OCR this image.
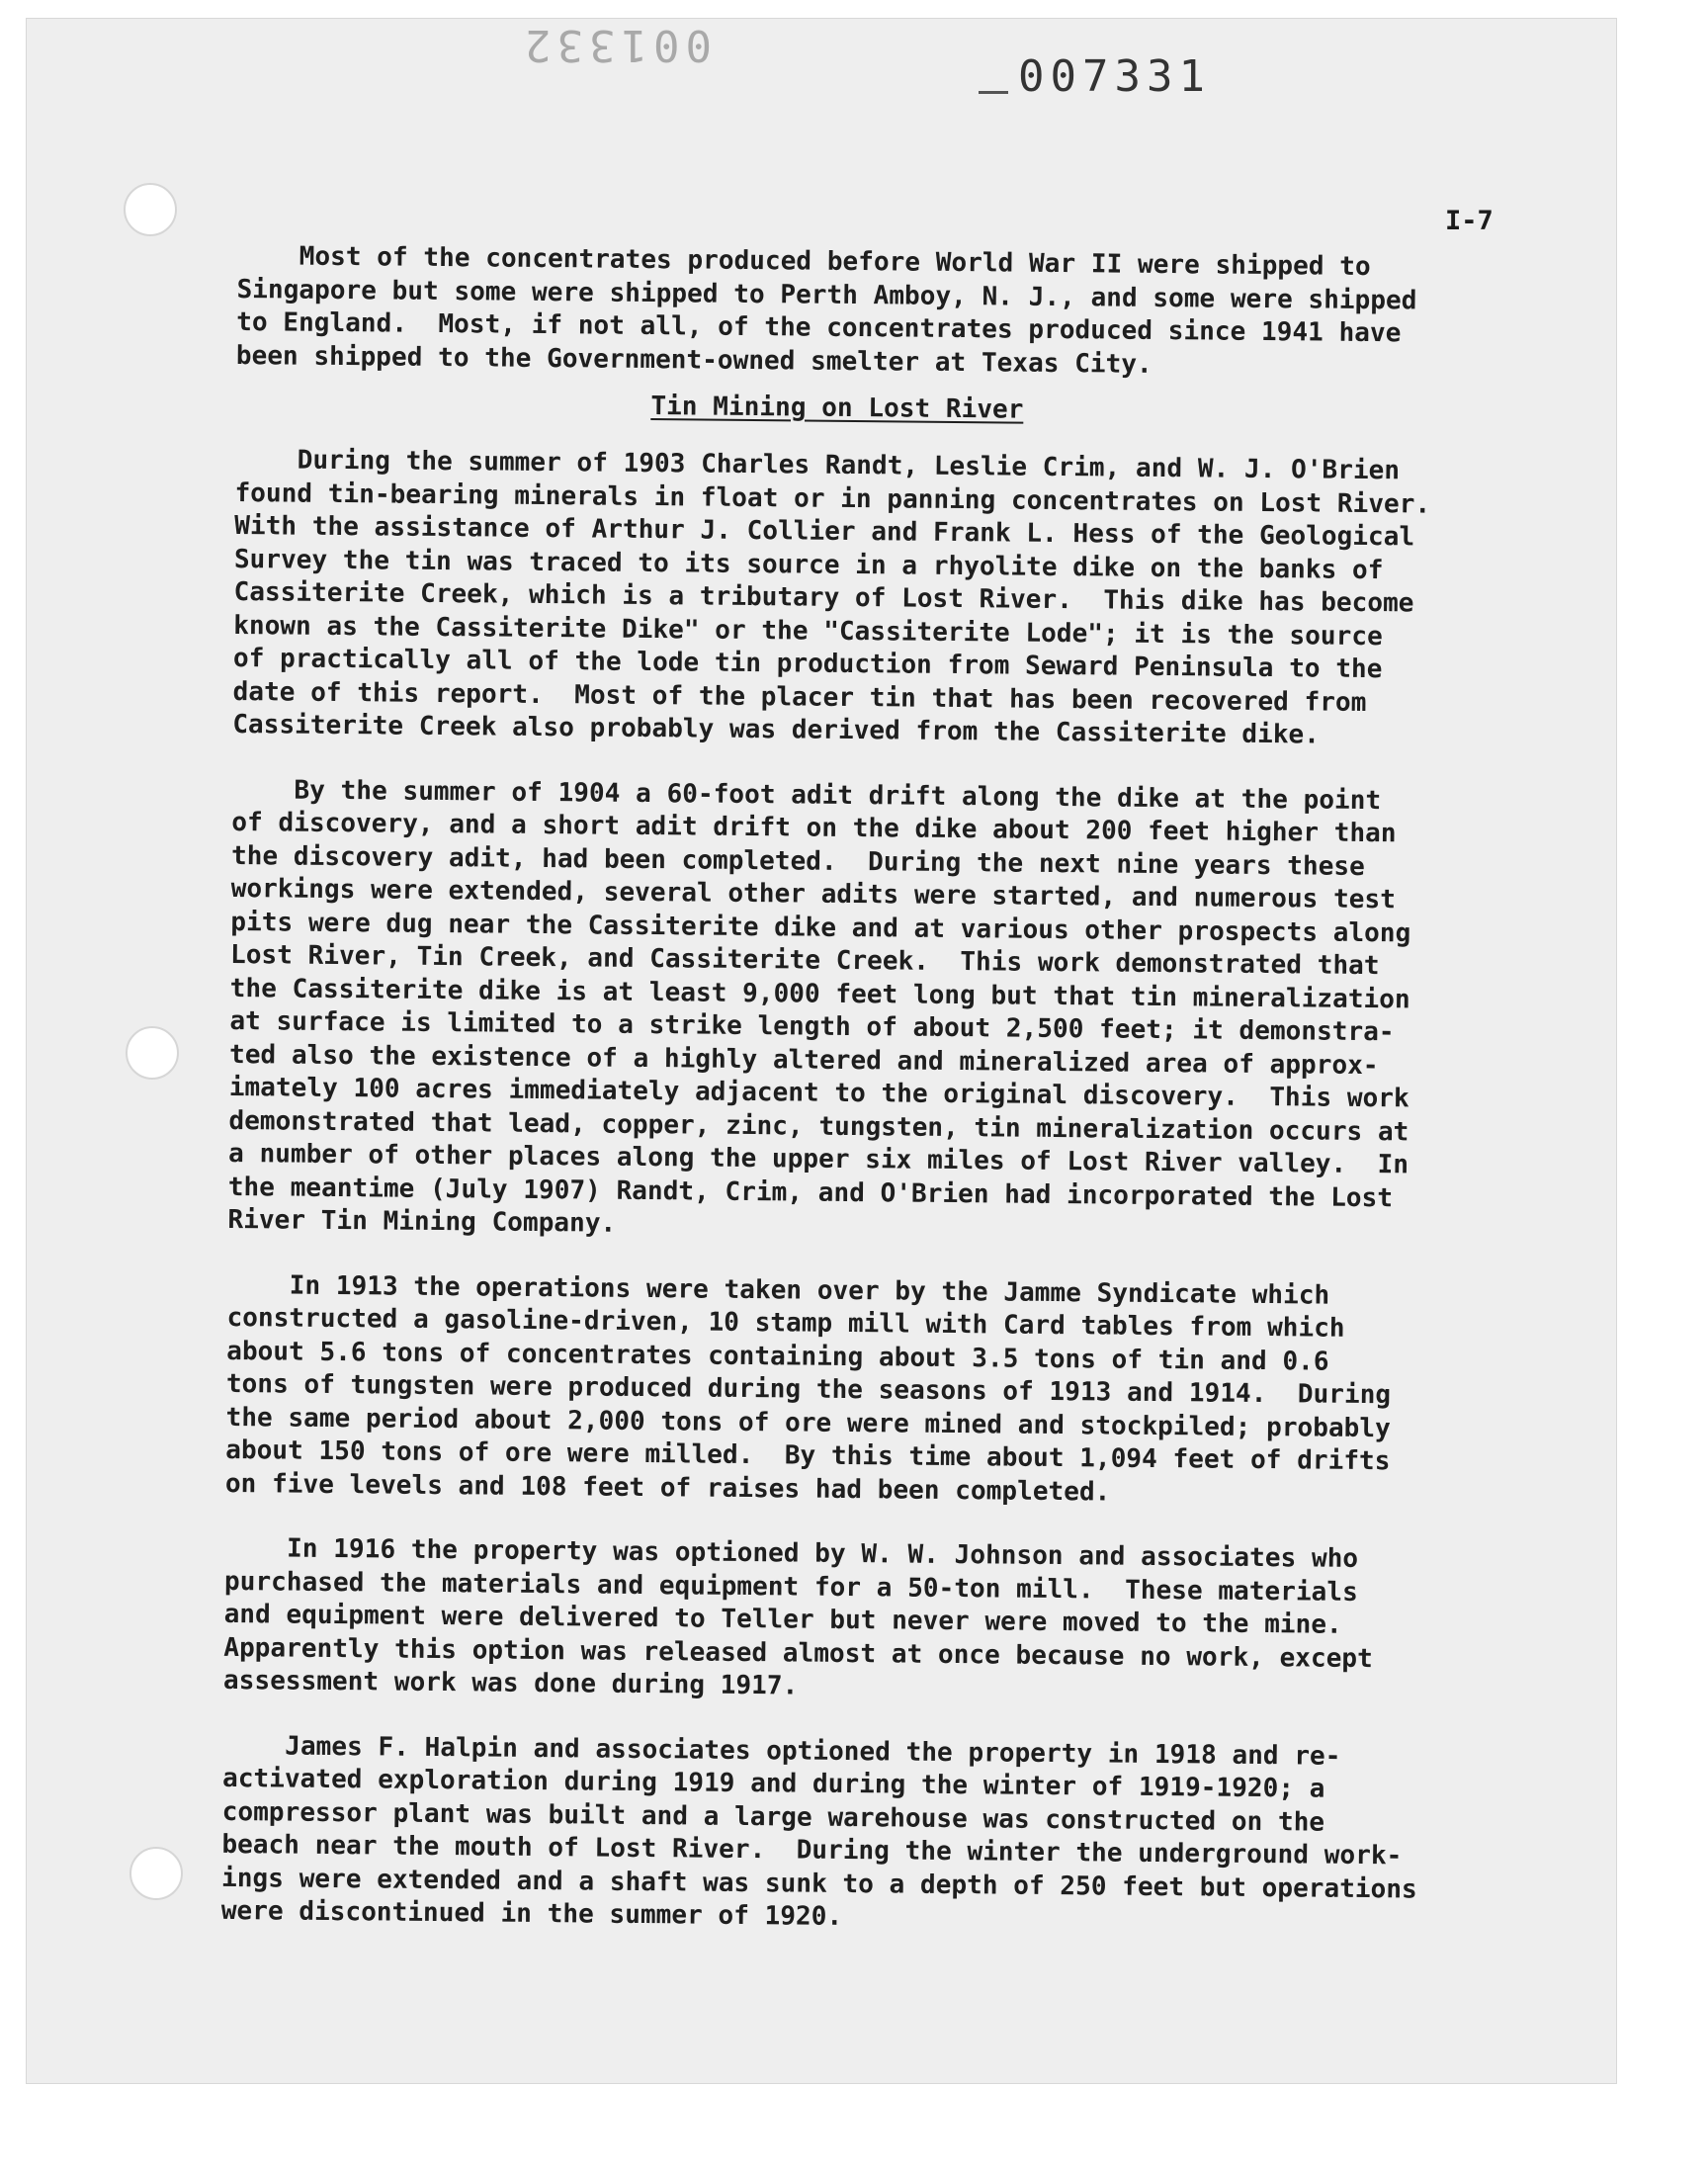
001332
007331
I-7

Most of the concentrates produced before World War II were shipped to

Singapore but some were shipped to Perth Amboy, N. J., and some were shipped

to England.  Most, if not all, of the concentrates produced since 1941 have

been shipped to the Government-owned smelter at Texas City.

Tin Mining on Lost River

During the summer of 1903 Charles Randt, Leslie Crim, and W. J. O'Brien

found tin-bearing minerals in float or in panning concentrates on Lost River.

With the assistance of Arthur J. Collier and Frank L. Hess of the Geological

Survey the tin was traced to its source in a rhyolite dike on the banks of

Cassiterite Creek, which is a tributary of Lost River.  This dike has become

known as the Cassiterite Dike" or the "Cassiterite Lode"; it is the source

of practically all of the lode tin production from Seward Peninsula to the

date of this report.  Most of the placer tin that has been recovered from

Cassiterite Creek also probably was derived from the Cassiterite dike.

By the summer of 1904 a 60-foot adit drift along the dike at the point

of discovery, and a short adit drift on the dike about 200 feet higher than

the discovery adit, had been completed.  During the next nine years these

workings were extended, several other adits were started, and numerous test

pits were dug near the Cassiterite dike and at various other prospects along

Lost River, Tin Creek, and Cassiterite Creek.  This work demonstrated that

the Cassiterite dike is at least 9,000 feet long but that tin mineralization

at surface is limited to a strike length of about 2,500 feet; it demonstra-

ted also the existence of a highly altered and mineralized area of approx-

imately 100 acres immediately adjacent to the original discovery.  This work

demonstrated that lead, copper, zinc, tungsten, tin mineralization occurs at

a number of other places along the upper six miles of Lost River valley.  In

the meantime (July 1907) Randt, Crim, and O'Brien had incorporated the Lost

River Tin Mining Company.

In 1913 the operations were taken over by the Jamme Syndicate which

constructed a gasoline-driven, 10 stamp mill with Card tables from which

about 5.6 tons of concentrates containing about 3.5 tons of tin and 0.6

tons of tungsten were produced during the seasons of 1913 and 1914.  During

the same period about 2,000 tons of ore were mined and stockpiled; probably

about 150 tons of ore were milled.  By this time about 1,094 feet of drifts

on five levels and 108 feet of raises had been completed.

In 1916 the property was optioned by W. W. Johnson and associates who

purchased the materials and equipment for a 50-ton mill.  These materials

and equipment were delivered to Teller but never were moved to the mine.

Apparently this option was released almost at once because no work, except

assessment work was done during 1917.

James F. Halpin and associates optioned the property in 1918 and re-

activated exploration during 1919 and during the winter of 1919-1920; a

compressor plant was built and a large warehouse was constructed on the

beach near the mouth of Lost River.  During the winter the underground work-

ings were extended and a shaft was sunk to a depth of 250 feet but operations

were discontinued in the summer of 1920.
